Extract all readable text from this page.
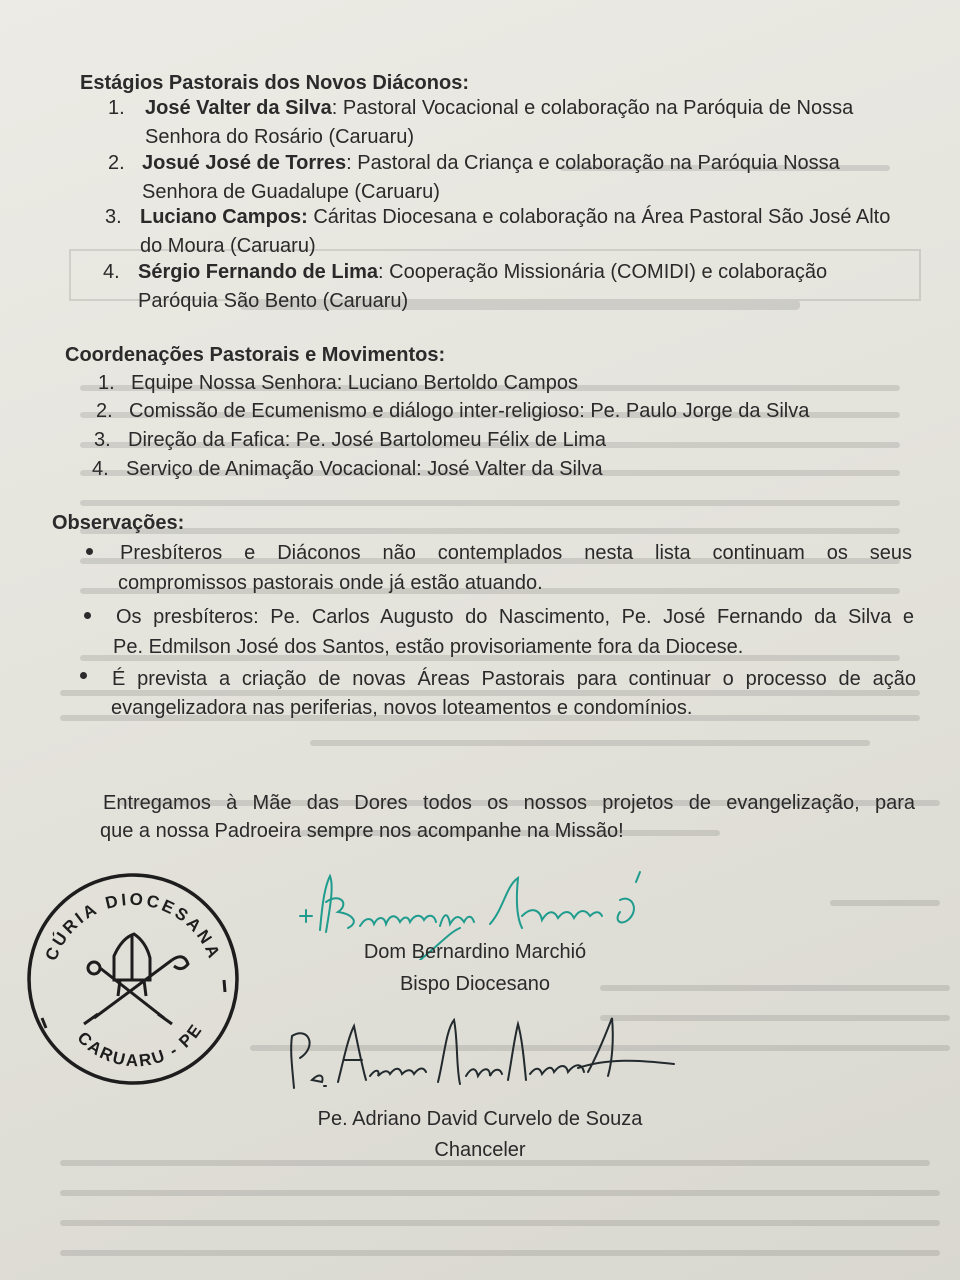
Estágios Pastorais dos Novos Diáconos:
1. José Valter da Silva: Pastoral Vocacional e colaboração na Paróquia de Nossa
Senhora do Rosário (Caruaru)
2. Josué José de Torres: Pastoral da Criança e colaboração na Paróquia Nossa
Senhora de Guadalupe (Caruaru)
3. Luciano Campos: Cáritas Diocesana e colaboração na Área Pastoral São José Alto
do Moura (Caruaru)
4. Sérgio Fernando de Lima: Cooperação Missionária (COMIDI) e colaboração
Paróquia São Bento (Caruaru)
Coordenações Pastorais e Movimentos:
1. Equipe Nossa Senhora: Luciano Bertoldo Campos
2. Comissão de Ecumenismo e diálogo inter-religioso: Pe. Paulo Jorge da Silva
3. Direção da Fafica: Pe. José Bartolomeu Félix de Lima
4. Serviço de Animação Vocacional: José Valter da Silva
Observações:
Presbíteros e Diáconos não contemplados nesta lista continuam os seus
compromissos pastorais onde já estão atuando.
Os presbíteros: Pe. Carlos Augusto do Nascimento, Pe. José Fernando da Silva e
Pe. Edmilson José dos Santos, estão provisoriamente fora da Diocese.
É prevista a criação de novas Áreas Pastorais para continuar o processo de ação
evangelizadora nas periferias, novos loteamentos e condomínios.
Entregamos à Mãe das Dores todos os nossos projetos de evangelização, para
que a nossa Padroeira sempre nos acompanhe na Missão!
CÚRIA DIOCESANA
CARUARU - PE
Dom Bernardino Marchió
Bispo Diocesano
Pe. Adriano David Curvelo de Souza
Chanceler
